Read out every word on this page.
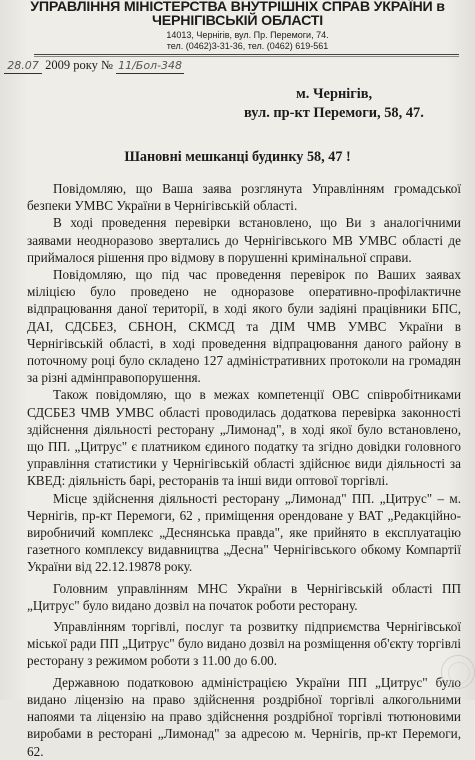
УПРАВЛІННЯ МІНІСТЕРСТВА ВНУТРІШНІХ СПРАВ УКРАЇНИ в
ЧЕРНІГІВСЬКІЙ ОБЛАСТІ
14013, Чернігів, вул. Пр. Перемоги, 74.
тел. (0462)3-31-36, тел. (0462) 619-561
28.07 2009 року № 11/Бол-348
м. Чернігів,
вул. пр-кт Перемоги, 58, 47.
Шановні мешканці будинку 58, 47 !

Повідомляю, що Ваша заява розглянута Управлінням громадської безпеки УМВС України в Чернігівській області.

В ході проведення перевірки встановлено, що Ви з аналогічними заявами неодноразово звертались до Чернігівського МВ УМВС області де приймалося рішення про відмову в порушенні кримінальної справи.

Повідомляю, що під час проведення перевірок по Ваших заявах міліцією було проведено не одноразове оперативно-профілактичне відпрацювання даної території, в ході якого були задіяні працівники БПС, ДАІ, СДСБЕЗ, СБНОН, СКМСД та ДІМ ЧМВ УМВС України в Чернігівській області, в ході проведення відпрацювання даного району в поточному році було складено 127 адміністративних протоколи на громадян за різні адмінправопорушення.

Також повідомляю, що в межах компетенції ОВС співробітниками СДСБЕЗ ЧМВ УМВС області проводилась додаткова перевірка законності здійснення діяльності ресторану „Лимонад", в ході якої було встановлено, що ПП. „Цитрус" є платником єдиного податку та згідно довідки головного управління статистики у Чернігівській області здійснює види діяльності за КВЕД: діяльність барі, ресторанів та інші види оптової торгівлі.

Місце здійснення діяльності ресторану „Лимонад" ПП. „Цитрус" – м. Чернігів, пр-кт Перемоги, 62 , приміщення орендоване у ВАТ „Редакційно-виробничий комплекс „Деснянська правда", яке прийнято в експлуатацію газетного комплексу видавництва „Десна" Чернігівського обкому Компартії України від 22.12.19878 року.

Головним управлінням МНС України в Чернігівській області ПП „Цитрус" було видано дозвіл на початок роботи ресторану.

Управлінням торгівлі, послуг та розвитку підприємства Чернігівської міської ради ПП „Цитрус" було видано дозвіл на розміщення об'єкту торгівлі ресторану з режимом роботи з 11.00 до 6.00.

Державною податковою адміністрацією України ПП „Цитрус" було видано ліцензію на право здійснення роздрібної торгівлі алкогольними напоями та ліцензію на право здійснення роздрібної торгівлі тютюновими виробами в ресторані „Лимонад" за адресою м. Чернігів, пр-кт Перемоги, 62.
